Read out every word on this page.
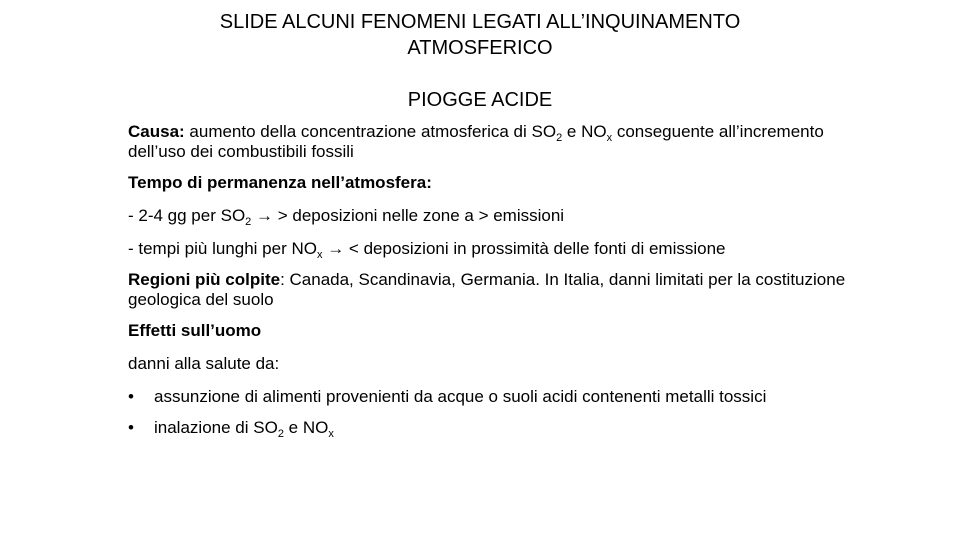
SLIDE ALCUNI FENOMENI LEGATI ALL’INQUINAMENTO
ATMOSFERICO
PIOGGE ACIDE
Causa: aumento della concentrazione atmosferica di $SO_2$ e $NO_x$ conseguente all’incremento dell’uso dei combustibili fossili
Tempo di permanenza nell’atmosfera:
- 2-4 gg per $SO_2$ → > deposizioni nelle zone a > emissioni
- tempi più lunghi per $NO_x$ → < deposizioni in prossimità delle fonti di emissione
Regioni più colpite: Canada, Scandinavia, Germania. In Italia, danni limitati per la costituzione geologica del suolo
Effetti sull’uomo
danni alla salute da:
• assunzione di alimenti provenienti da acque o suoli acidi contenenti metalli tossici
• inalazione di $SO_2$ e $NO_x$
